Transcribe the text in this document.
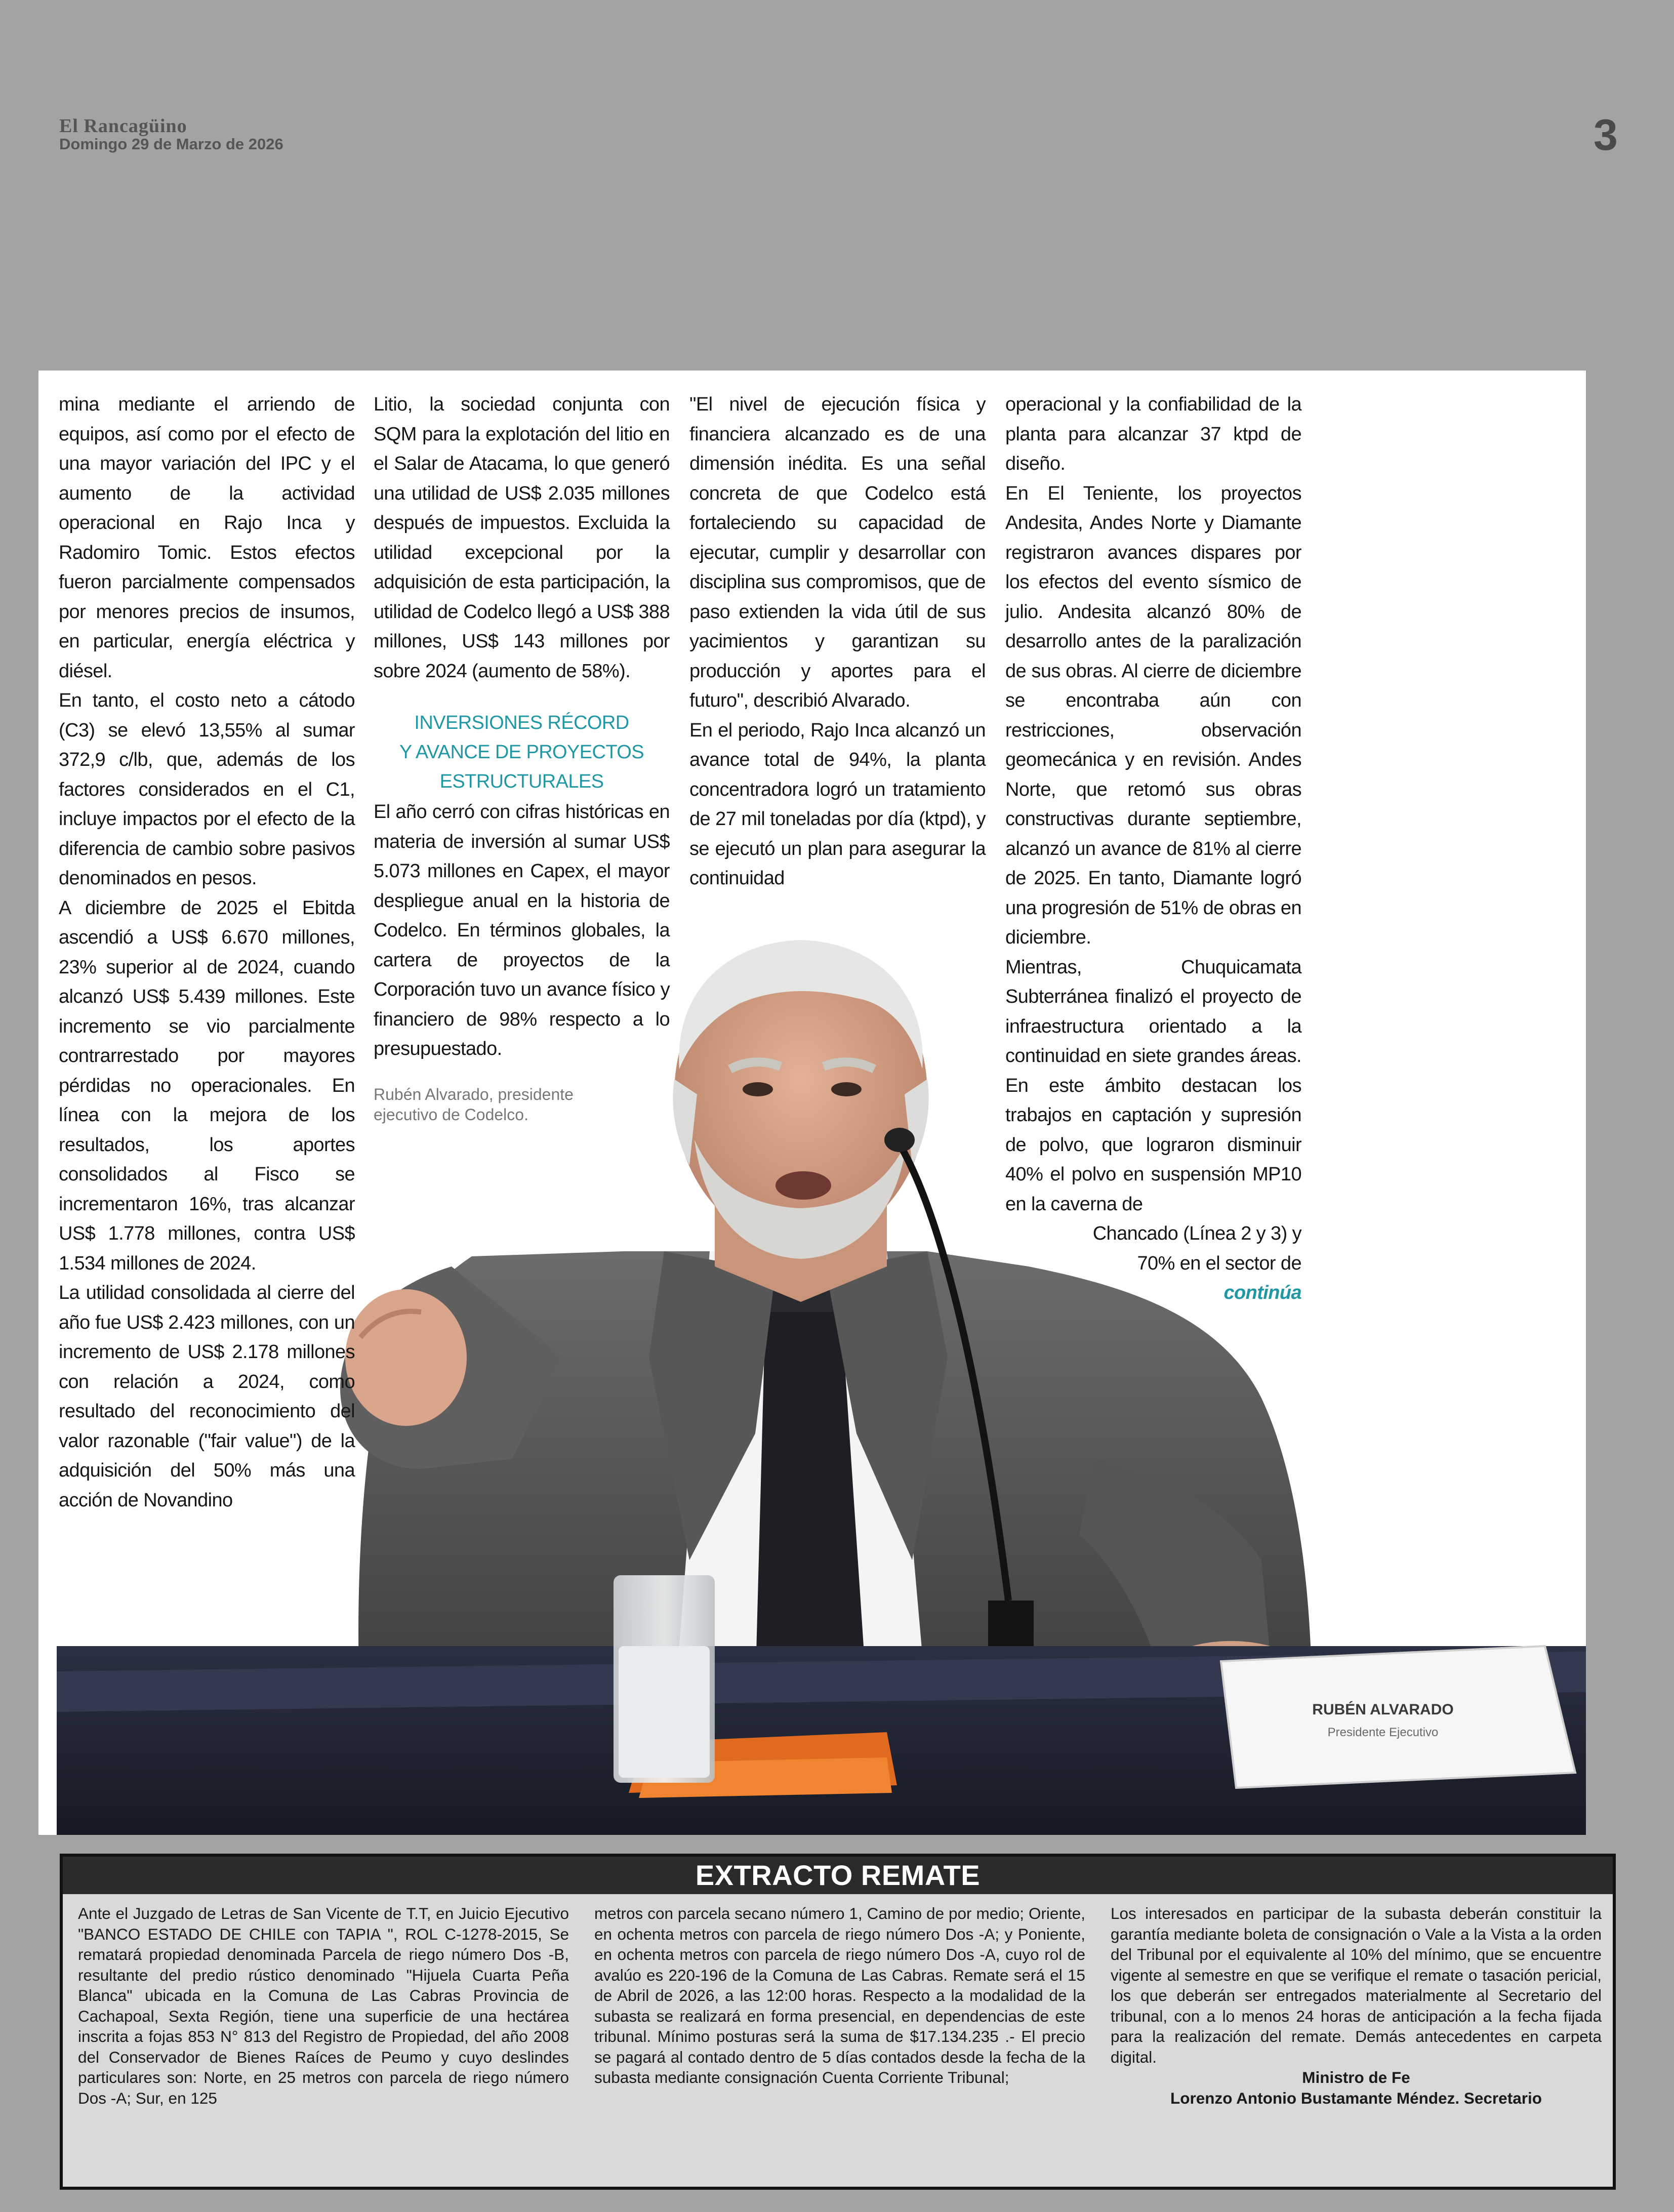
El Rancagüino
Domingo 29 de Marzo de 2026	3
RUBÉN ALVARADO
Presidente Ejecutivo

mina mediante el arriendo de equipos, así como por el efecto de una mayor variación del IPC y el aumento de la actividad operacional en Rajo Inca y Radomiro Tomic. Estos efectos fueron parcialmente compensados por menores precios de insumos, en particular, energía eléctrica y diésel.

En tanto, el costo neto a cátodo (C3) se elevó 13,55% al sumar 372,9 c/lb, que, además de los factores considerados en el C1, incluye impactos por el efecto de la diferencia de cambio sobre pasivos denominados en pesos.

A diciembre de 2025 el Ebitda ascendió a US$ 6.670 millones, 23% superior al de 2024, cuando alcanzó US$ 5.439 millones. Este incremento se vio parcialmente contrarrestado por mayores pérdidas no operacionales. En línea con la mejora de los resultados, los aportes consolidados al Fisco se incrementaron 16%, tras alcanzar US$ 1.778 millones, contra US$ 1.534 millones de 2024.

La utilidad consolidada al cierre del año fue US$ 2.423 millones, con un incremento de US$ 2.178 millones con relación a 2024, como resultado del reconocimiento del valor razonable ("fair value") de la adquisición del 50% más una acción de Novandino

Litio, la sociedad conjunta con SQM para la explotación del litio en el Salar de Atacama, lo que generó una utilidad de US$ 2.035 millones después de impuestos. Excluida la utilidad excepcional por la adquisición de esta participación, la utilidad de Codelco llegó a US$ 388 millones, US$ 143 millones por sobre 2024 (aumento de 58%).

INVERSIONES RÉCORD
Y AVANCE DE PROYECTOS
ESTRUCTURALES

El año cerró con cifras históricas en materia de inversión al sumar US$ 5.073 millones en Capex, el mayor despliegue anual en la historia de Codelco. En términos globales, la cartera de proyectos de la Corporación tuvo un avance físico y financiero de 98% respecto a lo presupuestado.

Rubén Alvarado, presidente
ejecutivo de Codelco.

"El nivel de ejecución física y financiera alcanzado es de una dimensión inédita. Es una señal concreta de que Codelco está fortaleciendo su capacidad de ejecutar, cumplir y desarrollar con disciplina sus compromisos, que de paso extienden la vida útil de sus yacimientos y garantizan su producción y aportes para el futuro", describió Alvarado.

En el periodo, Rajo Inca alcanzó un avance total de 94%, la planta concentradora logró un tratamiento de 27 mil toneladas por día (ktpd), y se ejecutó un plan para asegurar la continuidad

operacional y la confiabilidad de la planta para alcanzar 37 ktpd de diseño.

En El Teniente, los proyectos Andesita, Andes Norte y Diamante registraron avances dispares por los efectos del evento sísmico de julio. Andesita alcanzó 80% de desarrollo antes de la paralización de sus obras. Al cierre de diciembre se encontraba aún con restricciones, observación geomecánica y en revisión. Andes Norte, que retomó sus obras constructivas durante septiembre, alcanzó un avance de 81% al cierre de 2025. En tanto, Diamante logró una progresión de 51% de obras en diciembre.

Mientras, Chuquicamata Subterránea finalizó el proyecto de infraestructura orientado a la continuidad en siete grandes áreas. En este ámbito destacan los trabajos en captación y supresión de polvo, que lograron disminuir 40% el polvo en suspensión MP10 en la caverna de

Chancado (Línea 2 y 3) y

70% en el sector de

continúa

EXTRACTO REMATE
Ante el Juzgado de Letras de San Vicente de T.T, en Juicio Ejecutivo "BANCO ESTADO DE CHILE con TAPIA ", ROL C-1278-2015, Se rematará propiedad denominada Parcela de riego número Dos -B, resultante del predio rústico denominado "Hijuela Cuarta Peña Blanca" ubicada en la Comuna de Las Cabras Provincia de Cachapoal, Sexta Región, tiene una superficie de una hectárea inscrita a fojas 853 N° 813 del Registro de Propiedad, del año 2008 del Conservador de Bienes Raíces de Peumo y cuyo deslindes particulares son: Norte, en 25 metros con parcela de riego número Dos -A; Sur, en 125
metros con parcela secano número 1, Camino de por medio; Oriente, en ochenta metros con parcela de riego número Dos -A; y Poniente, en ochenta metros con parcela de riego número Dos -A, cuyo rol de avalúo es 220-196 de la Comuna de Las Cabras. Remate será el 15 de Abril de 2026, a las 12:00 horas. Respecto a la modalidad de la subasta se realizará en forma presencial, en dependencias de este tribunal. Mínimo posturas será la suma de $17.134.235 .- El precio se pagará al contado dentro de 5 días contados desde la fecha de la subasta mediante consignación Cuenta Corriente Tribunal;
Los interesados en participar de la subasta deberán constituir la garantía mediante boleta de consignación o Vale a la Vista a la orden del Tribunal por el equivalente al 10% del mínimo, que se encuentre vigente al semestre en que se verifique el remate o tasación pericial, los que deberán ser entregados materialmente al Secretario del tribunal, con a lo menos 24 horas de anticipación a la fecha fijada para la realización del remate. Demás antecedentes en carpeta digital.
Ministro de Fe
Lorenzo Antonio Bustamante Méndez. Secretario
